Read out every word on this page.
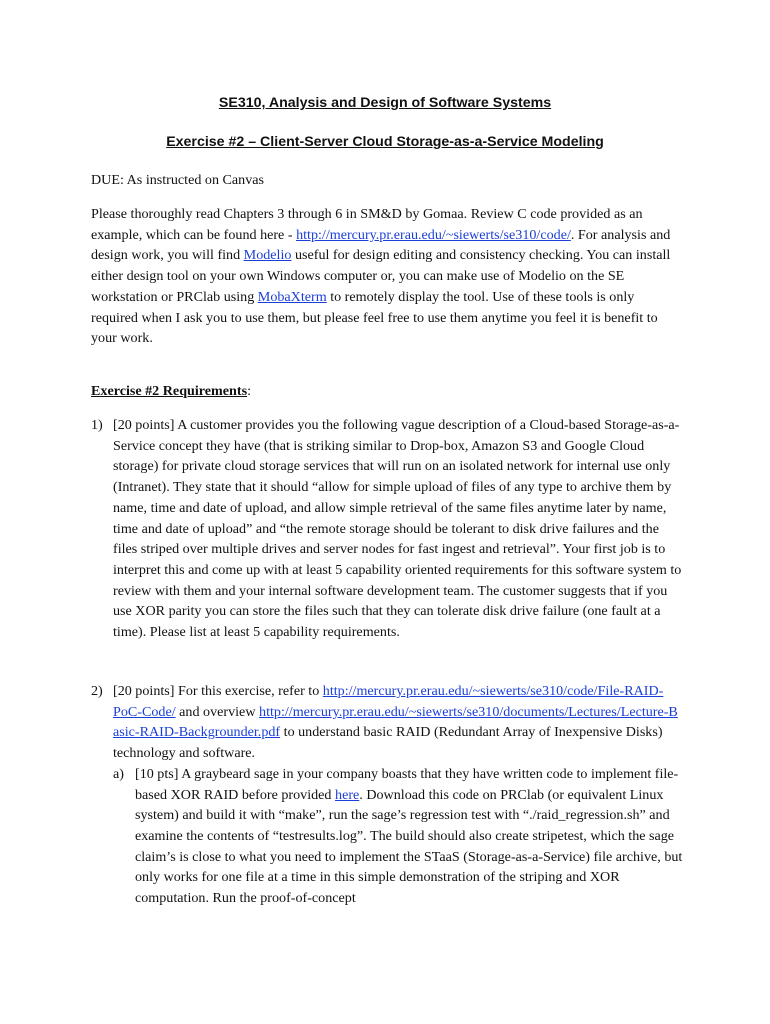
SE310, Analysis and Design of Software Systems
Exercise #2 – Client-Server Cloud Storage-as-a-Service Modeling

DUE: As instructed on Canvas

Please thoroughly read Chapters 3 through 6 in SM&D by Gomaa. Review C code provided as an example, which can be found here - http://mercury.pr.erau.edu/~siewerts/se310/code/. For analysis and design work, you will find Modelio useful for design editing and consistency checking. You can install either design tool on your own Windows computer or, you can make use of Modelio on the SE workstation or PRClab using MobaXterm to remotely display the tool. Use of these tools is only required when I ask you to use them, but please feel free to use them anytime you feel it is benefit to your work.

Exercise #2 Requirements:
1) [20 points] A customer provides you the following vague description of a Cloud-based Storage-as-a-Service concept they have (that is striking similar to Drop-box, Amazon S3 and Google Cloud storage) for private cloud storage services that will run on an isolated network for internal use only (Intranet). They state that it should “allow for simple upload of files of any type to archive them by name, time and date of upload, and allow simple retrieval of the same files anytime later by name, time and date of upload” and “the remote storage should be tolerant to disk drive failures and the files striped over multiple drives and server nodes for fast ingest and retrieval”. Your first job is to interpret this and come up with at least 5 capability oriented requirements for this software system to review with them and your internal software development team. The customer suggests that if you use XOR parity you can store the files such that they can tolerate disk drive failure (one fault at a time). Please list at least 5 capability requirements.
2) [20 points] For this exercise, refer to http://mercury.pr.erau.edu/~siewerts/se310/code/File-RAID-PoC-Code/ and overview http://mercury.pr.erau.edu/~siewerts/se310/documents/Lectures/Lecture-Basic-RAID-Backgrounder.pdf to understand basic RAID (Redundant Array of Inexpensive Disks) technology and software.
a) [10 pts] A graybeard sage in your company boasts that they have written code to implement file-based XOR RAID before provided here. Download this code on PRClab (or equivalent Linux system) and build it with “make”, run the sage’s regression test with “./raid_regression.sh” and examine the contents of “testresults.log”. The build should also create stripetest, which the sage claim’s is close to what you need to implement the STaaS (Storage-as-a-Service) file archive, but only works for one file at a time in this simple demonstration of the striping and XOR computation. Run the proof-of-concept
